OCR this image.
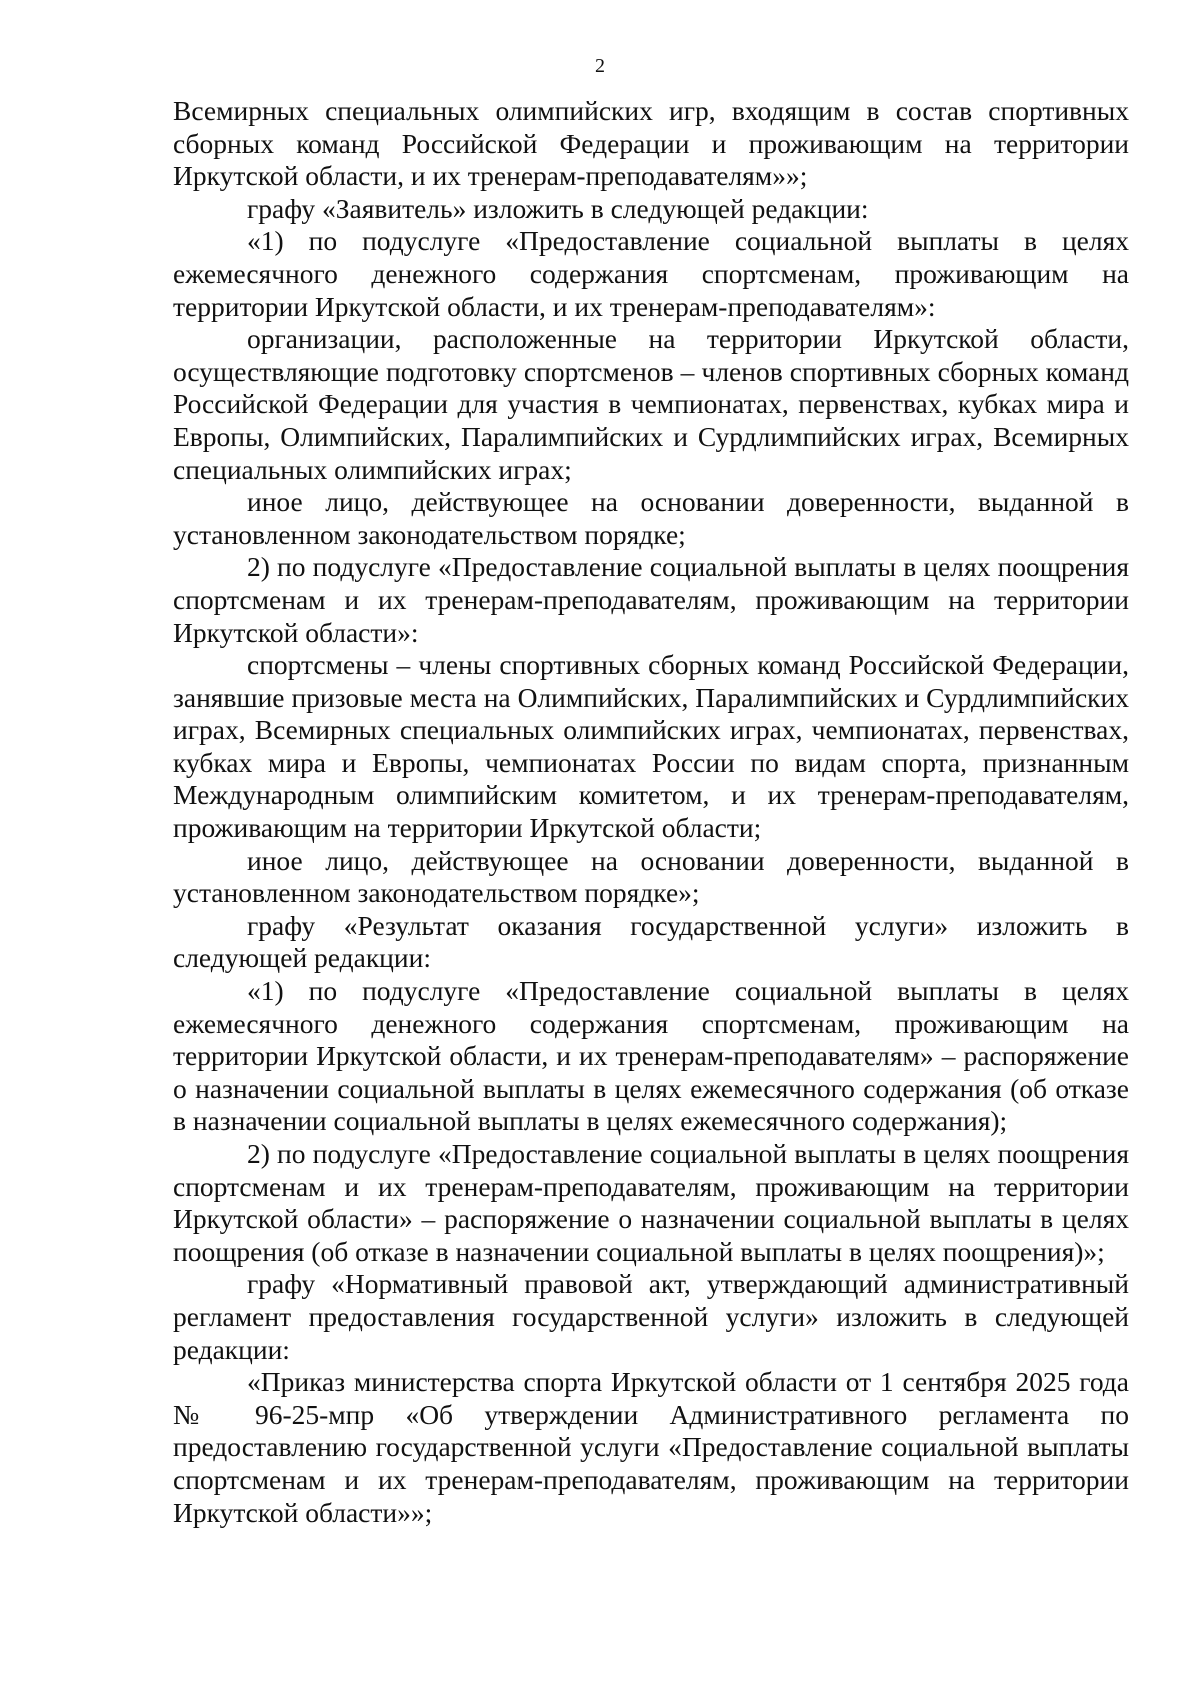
2

Всемирных специальных олимпийских игр, входящим в состав спортивных сборных команд Российской Федерации и проживающим на территории Иркутской области, и их тренерам-преподавателям»»;

графу «Заявитель» изложить в следующей редакции:

«1) по подуслуге «Предоставление социальной выплаты в целях ежемесячного денежного содержания спортсменам, проживающим на территории Иркутской области, и их тренерам-преподавателям»:

организации, расположенные на территории Иркутской области, осуществляющие подготовку спортсменов – членов спортивных сборных команд Российской Федерации для участия в чемпионатах, первенствах, кубках мира и Европы, Олимпийских, Паралимпийских и Сурдлимпийских играх, Всемирных специальных олимпийских играх;

иное лицо, действующее на основании доверенности, выданной в установленном законодательством порядке;

2) по подуслуге «Предоставление социальной выплаты в целях поощрения спортсменам и их тренерам-преподавателям, проживающим на территории Иркутской области»:

спортсмены – члены спортивных сборных команд Российской Федерации, занявшие призовые места на Олимпийских, Паралимпийских и Сурдлимпийских играх, Всемирных специальных олимпийских играх, чемпионатах, первенствах, кубках мира и Европы, чемпионатах России по видам спорта, признанным Международным олимпийским комитетом, и их тренерам-преподавателям, проживающим на территории Иркутской области;

иное лицо, действующее на основании доверенности, выданной в установленном законодательством порядке»;

графу «Результат оказания государственной услуги» изложить в следующей редакции:

«1) по подуслуге «Предоставление социальной выплаты в целях ежемесячного денежного содержания спортсменам, проживающим на территории Иркутской области, и их тренерам-преподавателям» – распоряжение о назначении социальной выплаты в целях ежемесячного содержания (об отказе в назначении социальной выплаты в целях ежемесячного содержания);

2) по подуслуге «Предоставление социальной выплаты в целях поощрения спортсменам и их тренерам-преподавателям, проживающим на территории Иркутской области» – распоряжение о назначении социальной выплаты в целях поощрения (об отказе в назначении социальной выплаты в целях поощрения)»;

графу «Нормативный правовой акт, утверждающий административный регламент предоставления государственной услуги» изложить в следующей редакции:

«Приказ министерства спорта Иркутской области от 1 сентября 2025 года № 96-25-мпр «Об утверждении Административного регламента по предоставлению государственной услуги «Предоставление социальной выплаты спортсменам и их тренерам-преподавателям, проживающим на территории Иркутской области»»;
